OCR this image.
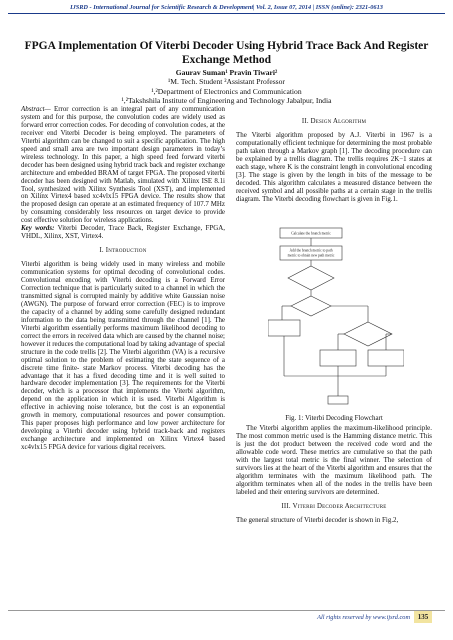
IJSRD - International Journal for Scientific Research & Development| Vol. 2, Issue 07, 2014 | ISSN (online): 2321-0613
FPGA Implementation Of Viterbi Decoder Using Hybrid Trace Back And Register Exchange Method
Gaurav Suman¹ Pravin Tiwari²
¹M. Tech. Student ²Assistant Professor
¹,²Department of Electronics and Communication
¹,²Takshshila Institute of Engineering and Technology Jabalpur, India

Abstract— Error correction is an integral part of any communication system and for this purpose, the convolution codes are widely used as forward error correction codes. For decoding of convolution codes, at the receiver end Viterbi Decoder is being employed. The parameters of Viterbi algorithm can be changed to suit a specific application. The high speed and small area are two important design parameters in today’s wireless technology. In this paper, a high speed feed forward viterbi decoder has been designed using hybrid track back and register exchange architecture and embedded BRAM of target FPGA. The proposed viterbi decoder has been designed with Matlab, simulated with Xilinx ISE 8.1i Tool, synthesized with Xilinx Synthesis Tool (XST), and implemented on Xilinx Virtex4 based xc4vlx15 FPGA device. The results show that the proposed design can operate at an estimated frequency of 107.7 MHz by consuming considerably less resources on target device to provide cost effective solution for wireless applications.

Key words: Viterbi Decoder, Trace Back, Register Exchange, FPGA, VHDL, Xilinx, XST, Virtex4.

I. Introduction

Viterbi algorithm is being widely used in many wireless and mobile communication systems for optimal decoding of convolutional codes. Convolutional encoding with Viterbi decoding is a Forward Error Correction technique that is particularly suited to a channel in which the transmitted signal is corrupted mainly by additive white Gaussian noise (AWGN). The purpose of forward error correction (FEC) is to improve the capacity of a channel by adding some carefully designed redundant information to the data being transmitted through the channel [1]. The Viterbi algorithm essentially performs maximum likelihood decoding to correct the errors in received data which are caused by the channel noise; however it reduces the computational load by taking advantage of special structure in the code trellis [2]. The Viterbi algorithm (VA) is a recursive optimal solution to the problem of estimating the state sequence of a discrete time finite- state Markov process. Viterbi decoding has the advantage that it has a fixed decoding time and it is well suited to hardware decoder implementation [3]. The requirements for the Viterbi decoder, which is a processor that implements the Viterbi algorithm, depend on the application in which it is used. Viterbi Algorithm is effective in achieving noise tolerance, but the cost is an exponential growth in memory, computational resources and power consumption. This paper proposes high performance and low power architecture for developing a Viterbi decoder using hybrid track-back and registers exchange architecture and implemented on Xilinx Virtex4 based xc4vlx15 FPGA device for various digital receivers.

II. Design Algorithm

The Viterbi algorithm proposed by A.J. Viterbi in 1967 is a computationally efficient technique for determining the most probable path taken through a Markov graph [1]. The decoding procedure can be explained by a trellis diagram. The trellis requires 2K−1 states at each stage, where K is the constraint length in convolutional encoding [3]. The stage is given by the length in bits of the message to be decoded. This algorithm calculates a measured distance between the received symbol and all possible paths at a certain stage in the trellis diagram. The Viterbi decoding flowchart is given in Fig.1.

Calculate the branch metric
Add the branch metric to path
metric to obtain new path metric
Fig. 1: Viterbi Decoding Flowchart

The Viterbi algorithm applies the maximum-likelihood principle. The most common metric used is the Hamming distance metric. This is just the dot product between the received code word and the allowable code word. These metrics are cumulative so that the path with the largest total metric is the final winner. The selection of survivors lies at the heart of the Viterbi algorithm and ensures that the algorithm terminates with the maximum likelihood path. The algorithm terminates when all of the nodes in the trellis have been labeled and their entering survivors are determined.

III. Viterbi Decoder Architecture

The general structure of Viterbi decoder is shown in Fig.2,

All rights reserved by www.ijsrd.com	135
